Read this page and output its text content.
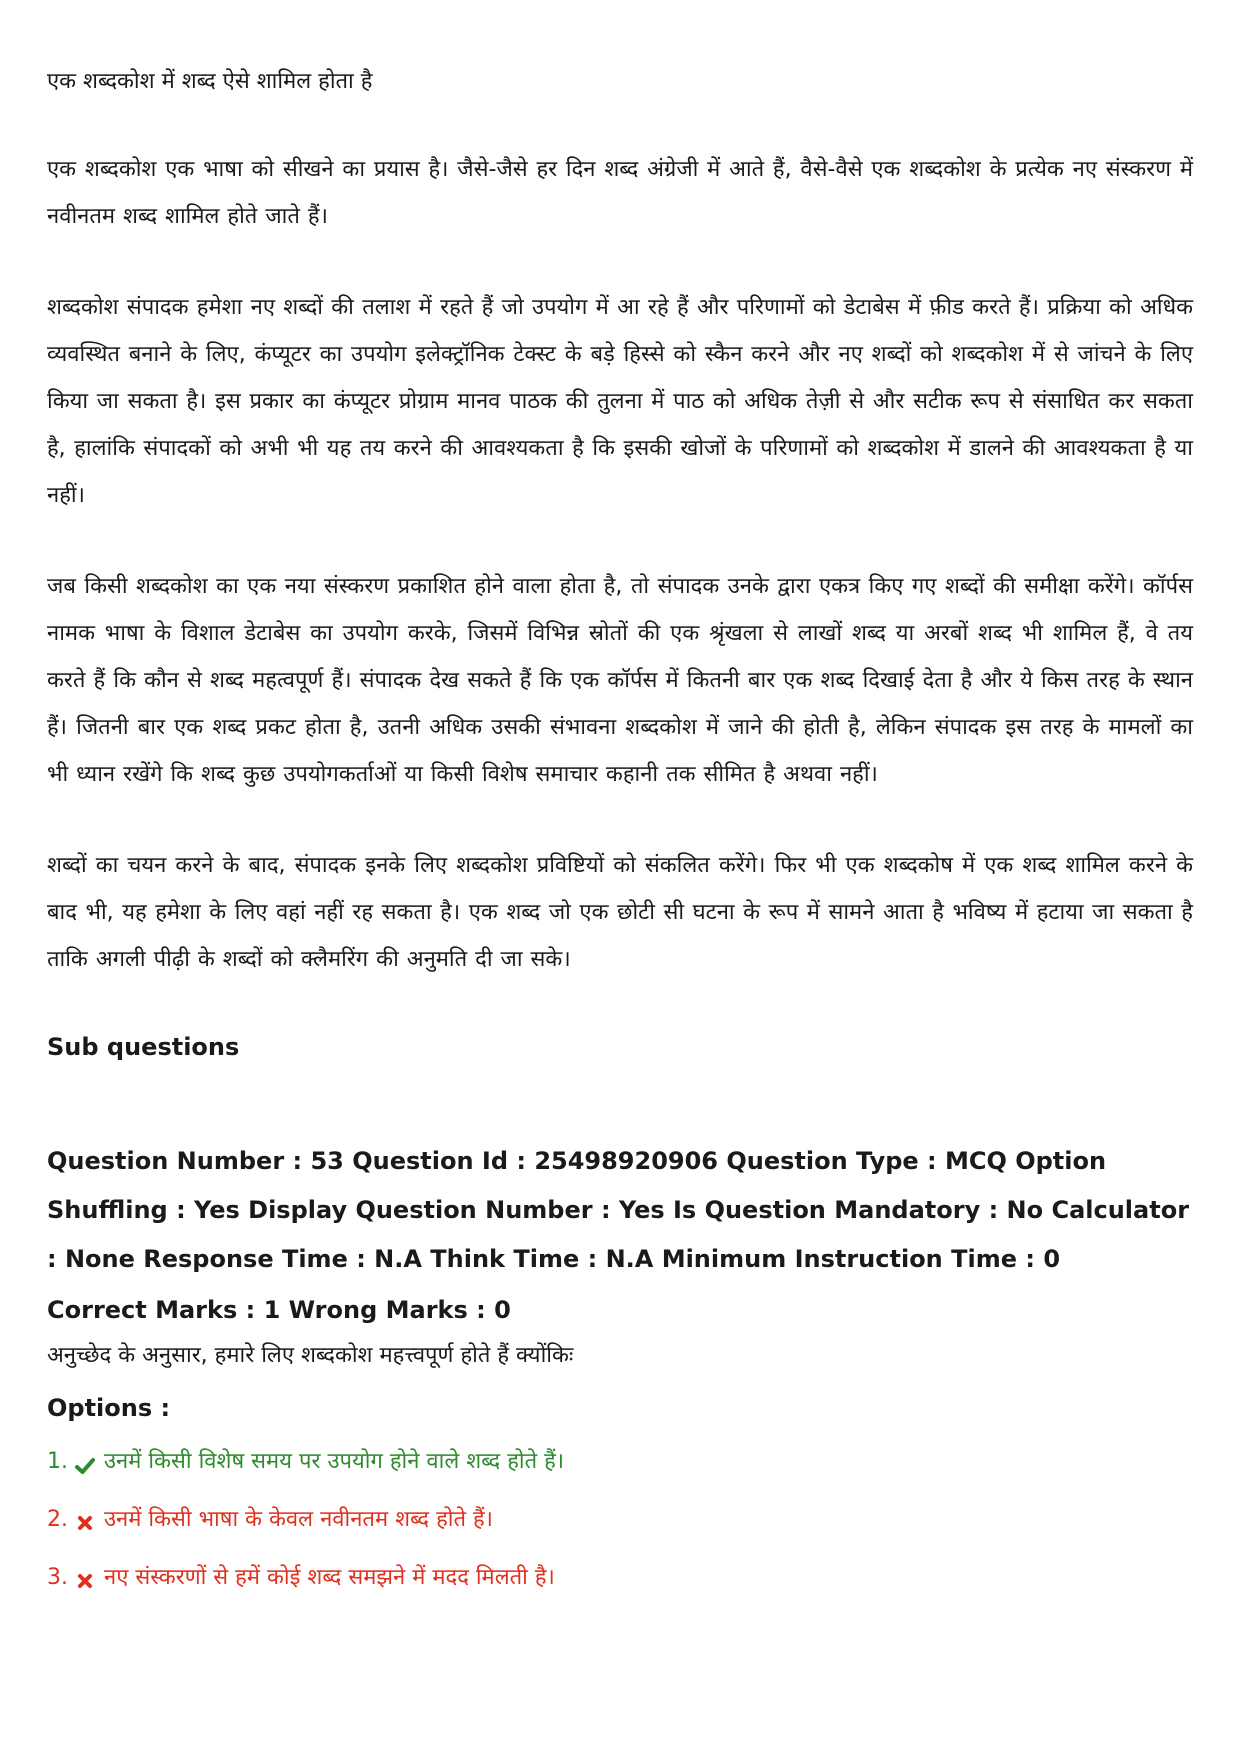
एक शब्दकोश में शब्द ऐसे शामिल होता है
एक शब्दकोश एक भाषा को सीखने का प्रयास है। जैसे-जैसे हर दिन शब्द अंग्रेजी में आते हैं, वैसे-वैसे एक शब्दकोश के प्रत्येक नए संस्करण में नवीनतम शब्द शामिल होते जाते हैं।
शब्दकोश संपादक हमेशा नए शब्दों की तलाश में रहते हैं जो उपयोग में आ रहे हैं और परिणामों को डेटाबेस में फ़ीड करते हैं। प्रक्रिया को अधिक व्यवस्थित बनाने के लिए, कंप्यूटर का उपयोग इलेक्ट्रॉनिक टेक्स्ट के बड़े हिस्से को स्कैन करने और नए शब्दों को शब्दकोश में से जांचने के लिए किया जा सकता है। इस प्रकार का कंप्यूटर प्रोग्राम मानव पाठक की तुलना में पाठ को अधिक तेज़ी से और सटीक रूप से संसाधित कर सकता है, हालांकि संपादकों को अभी भी यह तय करने की आवश्यकता है कि इसकी खोजों के परिणामों को शब्दकोश में डालने की आवश्यकता है या नहीं।
जब किसी शब्दकोश का एक नया संस्करण प्रकाशित होने वाला होता है, तो संपादक उनके द्वारा एकत्र किए गए शब्दों की समीक्षा करेंगे। कॉर्पस नामक भाषा के विशाल डेटाबेस का उपयोग करके, जिसमें विभिन्न स्रोतों की एक श्रृंखला से लाखों शब्द या अरबों शब्द भी शामिल हैं, वे तय करते हैं कि कौन से शब्द महत्वपूर्ण हैं। संपादक देख सकते हैं कि एक कॉर्पस में कितनी बार एक शब्द दिखाई देता है और ये किस तरह के स्थान हैं। जितनी बार एक शब्द प्रकट होता है, उतनी अधिक उसकी संभावना शब्दकोश में जाने की होती है, लेकिन संपादक इस तरह के मामलों का भी ध्यान रखेंगे कि शब्द कुछ उपयोगकर्ताओं या किसी विशेष समाचार कहानी तक सीमित है अथवा नहीं।
शब्दों का चयन करने के बाद, संपादक इनके लिए शब्दकोश प्रविष्टियों को संकलित करेंगे। फिर भी एक शब्दकोष में एक शब्द शामिल करने के बाद भी, यह हमेशा के लिए वहां नहीं रह सकता है। एक शब्द जो एक छोटी सी घटना के रूप में सामने आता है भविष्य में हटाया जा सकता है ताकि अगली पीढ़ी के शब्दों को क्लैमरिंग की अनुमति दी जा सके।
Sub questions
Question Number : 53 Question Id : 25498920906 Question Type : MCQ Option Shuffling : Yes Display Question Number : Yes Is Question Mandatory : No Calculator : None Response Time : N.A Think Time : N.A Minimum Instruction Time : 0
Correct Marks : 1 Wrong Marks : 0
अनुच्छेद के अनुसार, हमारे लिए शब्दकोश महत्त्वपूर्ण होते हैं क्योंकिः
Options :
1. उनमें किसी विशेष समय पर उपयोग होने वाले शब्द होते हैं।
2. उनमें किसी भाषा के केवल नवीनतम शब्द होते हैं।
3. नए संस्करणों से हमें कोई शब्द समझने में मदद मिलती है।
